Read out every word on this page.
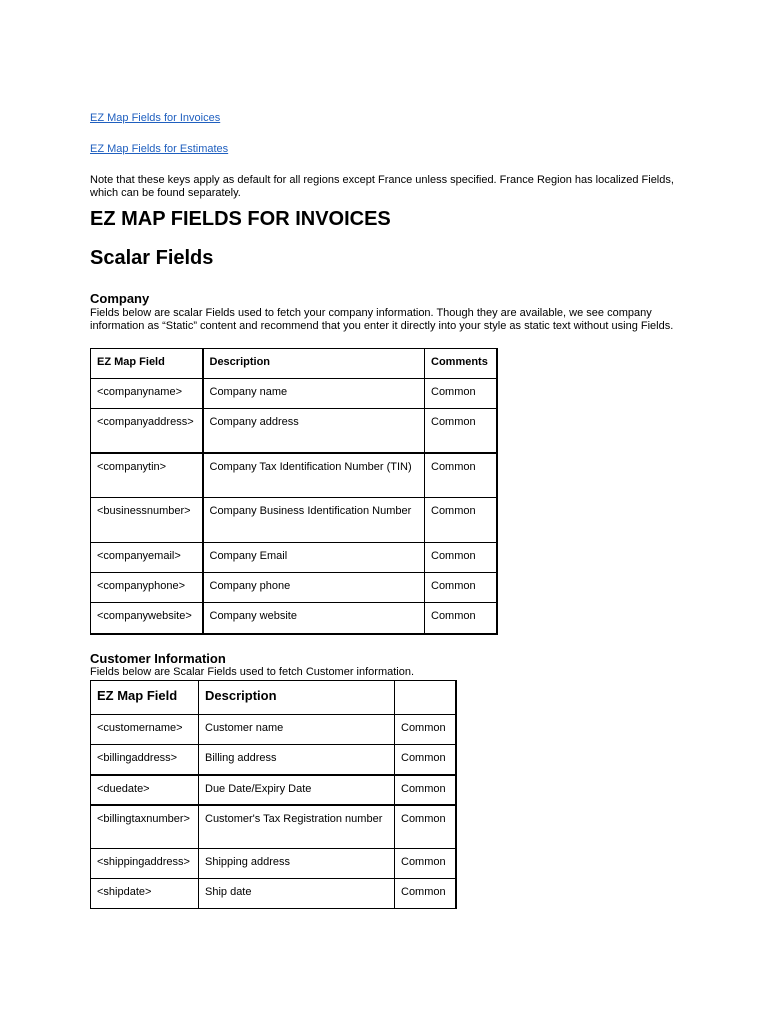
EZ Map Fields for Invoices
EZ Map Fields for Estimates
Note that these keys apply as default for all regions except France unless specified. France Region has localized Fields, which can be found separately.
EZ MAP FIELDS FOR INVOICES
Scalar Fields
Company
Fields below are scalar Fields used to fetch your company information. Though they are available, we see company information as “Static” content and recommend that you enter it directly into your style as static text without using Fields.
EZ Map Field	Description	Comments
<companyname>	Company name	Common
<companyaddress>	Company address	Common
<companytin>	Company Tax Identification Number (TIN)	Common
<businessnumber>	Company Business Identification Number	Common
<companyemail>	Company Email	Common
<companyphone>	Company phone	Common
<companywebsite>	Company website	Common
Customer Information
Fields below are Scalar Fields used to fetch Customer information.
EZ Map Field	Description	
<customername>	Customer name	Common
<billingaddress>	Billing address	Common
<duedate>	Due Date/Expiry Date	Common
<billingtaxnumber>	Customer's Tax Registration number	Common
<shippingaddress>	Shipping address	Common
<shipdate>	Ship date	Common
